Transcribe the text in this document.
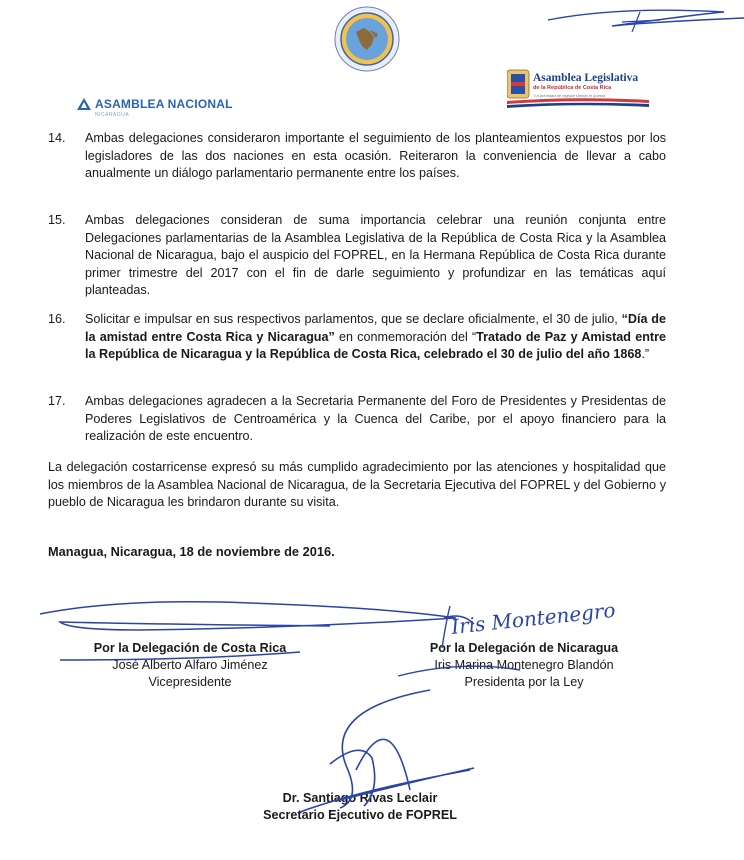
ASAMBLEA NACIONAL
NICARAGUA
Asamblea Legislativa
de la República de Costa Rica
"La prioridad de legislar siendo el pueblo"
14.	Ambas delegaciones consideraron importante el seguimiento de los planteamientos expuestos por los legisladores de las dos naciones en esta ocasión. Reiteraron la conveniencia de llevar a cabo anualmente un diálogo parlamentario permanente entre los países.
15.	Ambas delegaciones consideran de suma importancia celebrar una reunión conjunta entre Delegaciones parlamentarias de la Asamblea Legislativa de la República de Costa Rica y la Asamblea Nacional de Nicaragua, bajo el auspicio del FOPREL, en la Hermana República de Costa Rica durante primer trimestre del 2017 con el fin de darle seguimiento y profundizar en las temáticas aquí planteadas.
16.	Solicitar e impulsar en sus respectivos parlamentos, que se declare oficialmente, el 30 de julio, “Día de la amistad entre Costa Rica y Nicaragua” en conmemoración del “Tratado de Paz y Amistad entre la República de Nicaragua y la República de Costa Rica, celebrado el 30 de julio del año 1868.”
17.	Ambas delegaciones agradecen a la Secretaria Permanente del Foro de Presidentes y Presidentas de Poderes Legislativos de Centroamérica y la Cuenca del Caribe, por el apoyo financiero para la realización de este encuentro.
La delegación costarricense expresó su más cumplido agradecimiento por las atenciones y hospitalidad que los miembros de la Asamblea Nacional de Nicaragua, de la Secretaria Ejecutiva del FOPREL y del Gobierno y pueblo de Nicaragua les brindaron durante su visita.
Managua, Nicaragua, 18 de noviembre de 2016.
Por la Delegación de Costa Rica
José Alberto Alfaro Jiménez
Vicepresidente
Por la Delegación de Nicaragua
Iris Marina Montenegro Blandón
Presidenta por la Ley
Dr. Santiago Rivas Leclair
Secretario Ejecutivo de FOPREL
Iris Montenegro
